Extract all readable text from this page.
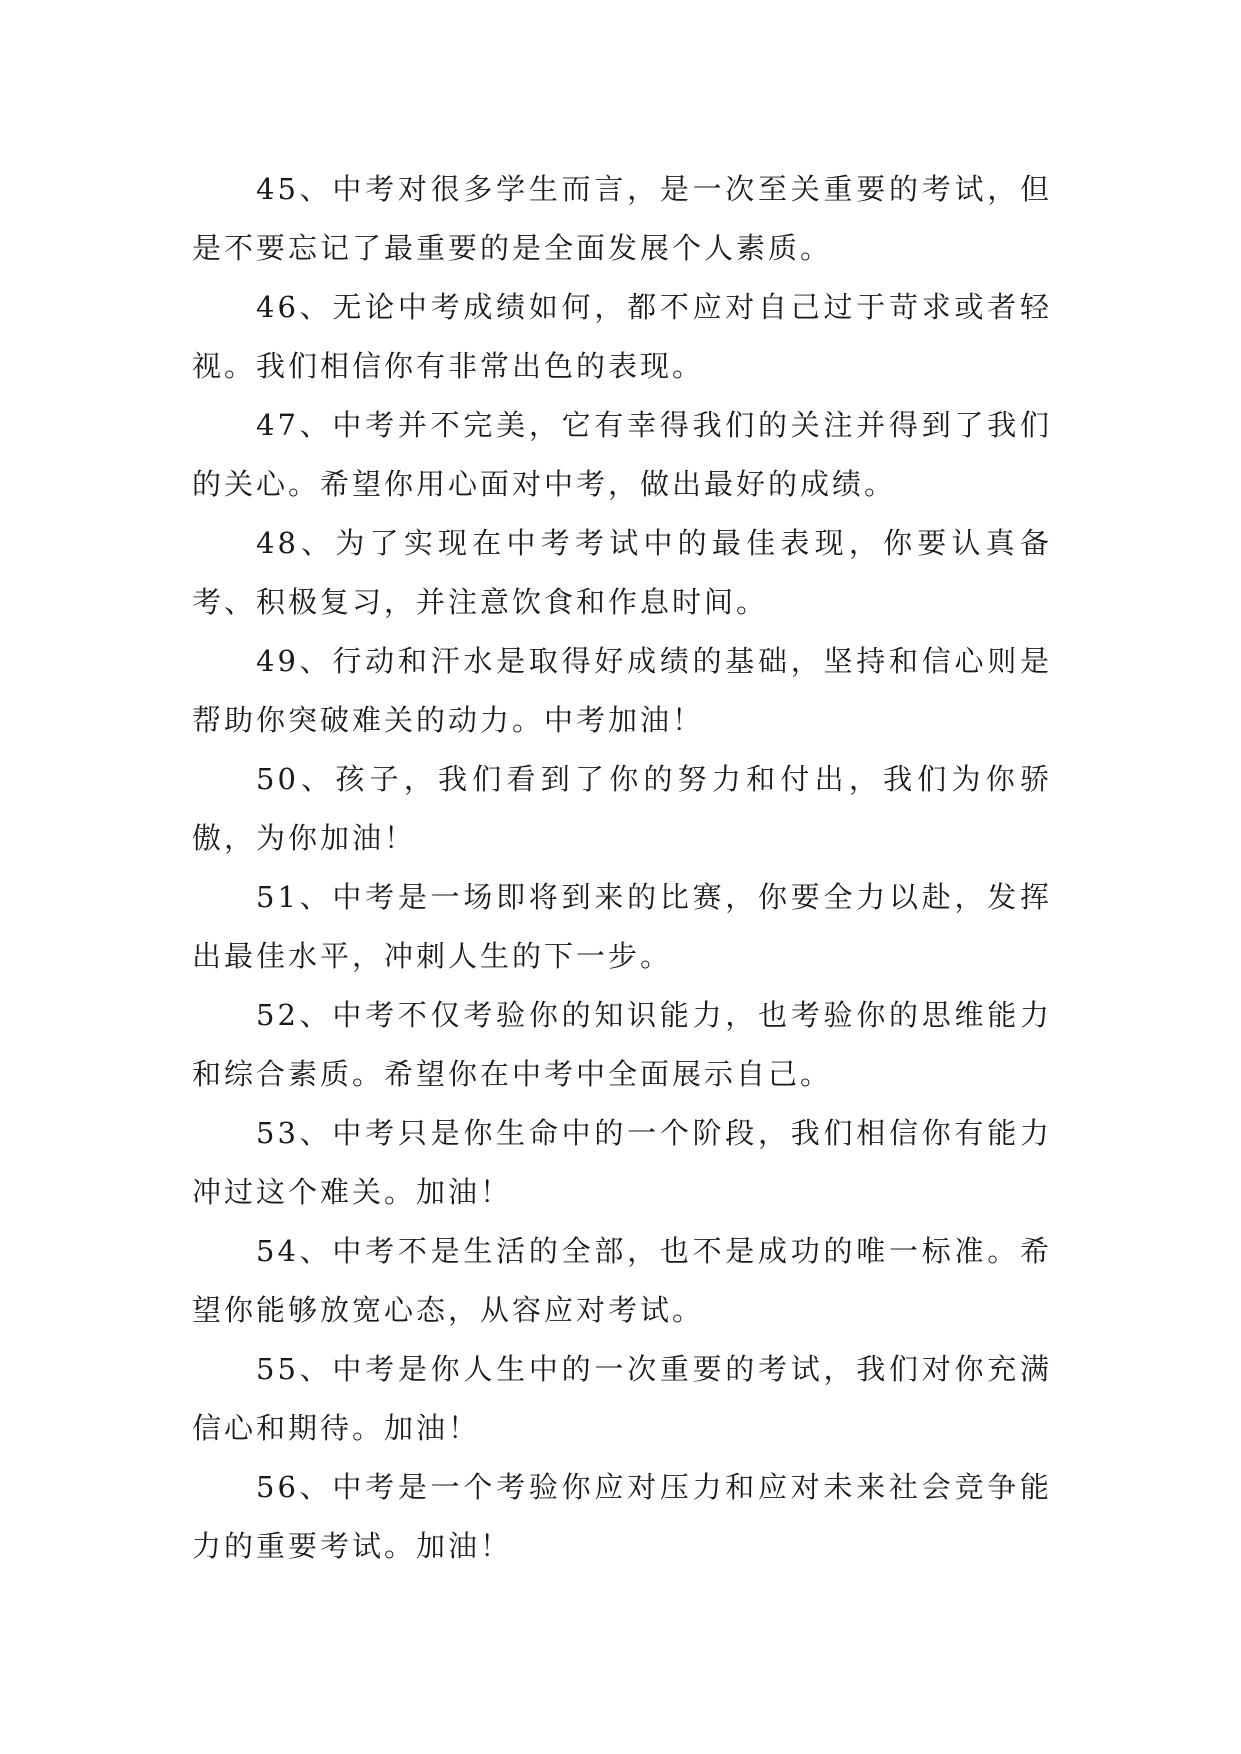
45、中考对很多学生而言，是一次至关重要的考试，但是不要忘记了最重要的是全面发展个人素质。

46、无论中考成绩如何，都不应对自己过于苛求或者轻视。我们相信你有非常出色的表现。

47、中考并不完美，它有幸得我们的关注并得到了我们的关心。希望你用心面对中考，做出最好的成绩。

48、为了实现在中考考试中的最佳表现，你要认真备考、积极复习，并注意饮食和作息时间。

49、行动和汗水是取得好成绩的基础，坚持和信心则是帮助你突破难关的动力。中考加油！

50、孩子，我们看到了你的努力和付出，我们为你骄傲，为你加油！

51、中考是一场即将到来的比赛，你要全力以赴，发挥出最佳水平，冲刺人生的下一步。

52、中考不仅考验你的知识能力，也考验你的思维能力和综合素质。希望你在中考中全面展示自己。

53、中考只是你生命中的一个阶段，我们相信你有能力冲过这个难关。加油！

54、中考不是生活的全部，也不是成功的唯一标准。希望你能够放宽心态，从容应对考试。

55、中考是你人生中的一次重要的考试，我们对你充满信心和期待。加油！

56、中考是一个考验你应对压力和应对未来社会竞争能力的重要考试。加油！
